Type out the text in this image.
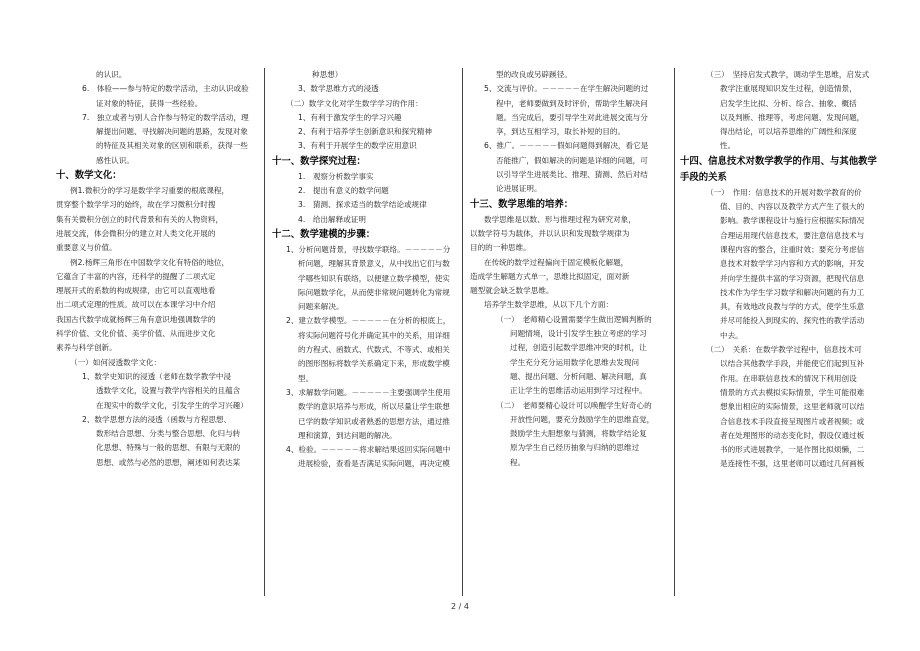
的认识。

6.　体验——参与特定的数学活动，主动认识或验

证对象的特征，获得一些经验。

7.　独立或者与别人合作参与特定的数学活动，理

解提出问题、寻找解决问题的思路，发现对象

的特征及其相关对象的区别和联系，获得一些

感性认识。

十、数学文化：

例1.微积分的学习是数学学习重要的根底课程，

贯穿整个数学学习的始终，故在学习微积分时搜

集有关微积分创立的时代背景和有关的人物资料，

进展交流，体会微积分的建立对人类文化开展的

重要意义与价值。

例2.杨辉三角形在中国数学文化有特俗的地位，

它蕴含了丰富的内容，还科学的提醒了二项式定

理展开式的系数的构成规律，由它可以直观地看

出二项式定理的性质。故可以在本课学习中介绍

我国古代数学成就杨辉三角有意识地强调数学的

科学价值、文化价值、美学价值、从而进步文化

素养与科学创新。

（一）如何浸透数学文化：

1、数学史知识的浸透（老师在数学教学中浸

透数学文化，设置与教学内容相关的且蕴含

在现实中的数学文化，引发学生的学习兴趣）

2、数学思想方法的浸透（函数与方程思想、

数形结合思想、分类与整合思想、化归与转

化思想、特殊与一般的思想、有限与无限的

思想、或然与必然的思想，阐述如何表达某

种思想）

3、数学思维方式的浸透

（二）数学文化对学生数学学习的作用：

1、有利于激发学生的学习兴趣

2、有利于培养学生创新意识和探究精神

3、有利于开展学生的数学应用意识

十一、数学探究过程：

1.　观察分析数学事实

2.　提出有意义的数学问题

3.　猜测、探求适当的数学结论或规律

4.　给出解释或证明

十二、数学建模的步骤：

1、分析问题背景，寻找数学联络。－－－－－分

析问题，理解其背景意义，从中找出它们与数

学哪些知识有联络，以便建立数学模型，使实

际问题数学化，从而使非常规问题转化为常规

问题来解决。

2、建立数学模型。－－－－－在分析的根底上，

将实际问题符号化并确定其中的关系，用详细

的方程式、函数式、代数式、不等式、或相关

的图形图标将数学关系确定下来，形成数学模

型。

3、求解数学问题。－－－－－主要强调学生使用

数学的意识培养与形成，所以尽量让学生联想

已学的数学知识或者熟悉的思想方法，通过推

理和演算，到达问题的解决。

4、检验。－－－－－将求解结果返回实际问题中

进展检验，查看是否满足实际问题，再决定模

型的改良或另辟蹊径。

5、交流与评价。－－－－－在学生解决问题的过

程中，老师要做到及时评价，帮助学生解决问

题。当完成后，要引导学生对此进展交流与分

享，到达互相学习，取长补短的目的。

6、推广。－－－－－假如问题得到解决，看它是

否能推广，假如解决的问题是详细的问题，可

以引导学生进展类比、推理、猜测、然后对结

论进展证明。

十三、数学思维的培养：

数学思维是以数、形与推理过程为研究对象，

以数学符号为载体，并以认识和发现数学规律为

目的的一种思维。

在传统的数学过程偏向于固定模板化解题，

造成学生解题方式单一，思维比拟固定，面对新

题型就会缺乏数学思维。

培养学生数学思维，从以下几个方面：

（一）　老师精心设置需要学生做出逻辑判断的

问题情境，设计引发学生独立考虑的学习

过程，创造引起数学思维冲突的时机，让

学生充分充分运用数学化思维去发现问

题、提出问题、分析问题、解决问题，真

正让学生的思维活动运用到学习过程中。

（二）　老师要精心设计可以唤醒学生好奇心的

开放性问题，要充分鼓励学生的思维直觉，

鼓励学生大胆想象与猜测，将数学结论复

原为学生自己经历抽象与归纳的思维过

程。

（三）　坚持启发式教学，调动学生思维，启发式

教学注重展现知识发生过程，创造情景，

启发学生比拟、分析、综合、抽象、概括

以及判断、推理等，考虑问题、发现问题，

得出结论，可以培养思维的广阔性和深度

性。

十四、信息技术对数学教学的作用、与其他教学

手段的关系

（一）　作用：信息技术的开展对数学教育的价

值、目的、内容以及教学方式产生了很大的

影响。教学课程设计与施行应根据实际情况

合理运用现代信息技术，要注意信息技术与

课程内容的整合，注重时效；要充分考虑信

息技术对数学学习内容和方式的影响，开发

并向学生提供丰富的学习资源，把现代信息

技术作为学生学习数学和解决问题的有力工

具，有效地改良教与学的方式，使学生乐意

并尽可能投入到现实的、探究性的教学活动

中去。

（二）　关系：在数学教学过程中，信息技术可

以结合其他教学手段，并能使它们起到互补

作用。在串联信息技术的情况下利用创设

情景的方式去模拟实际情景，学生可能很难

想象出相应的实际情景，这里老师就可以结

合信息技术手段直接呈现图片或者视频；或

者在处理图形的动态变化时，假设仅通过板

书的形式进展教学，一是作图比拟烦懒，二

是连接性不强，这里老师可以通过几何画板

2 / 4
